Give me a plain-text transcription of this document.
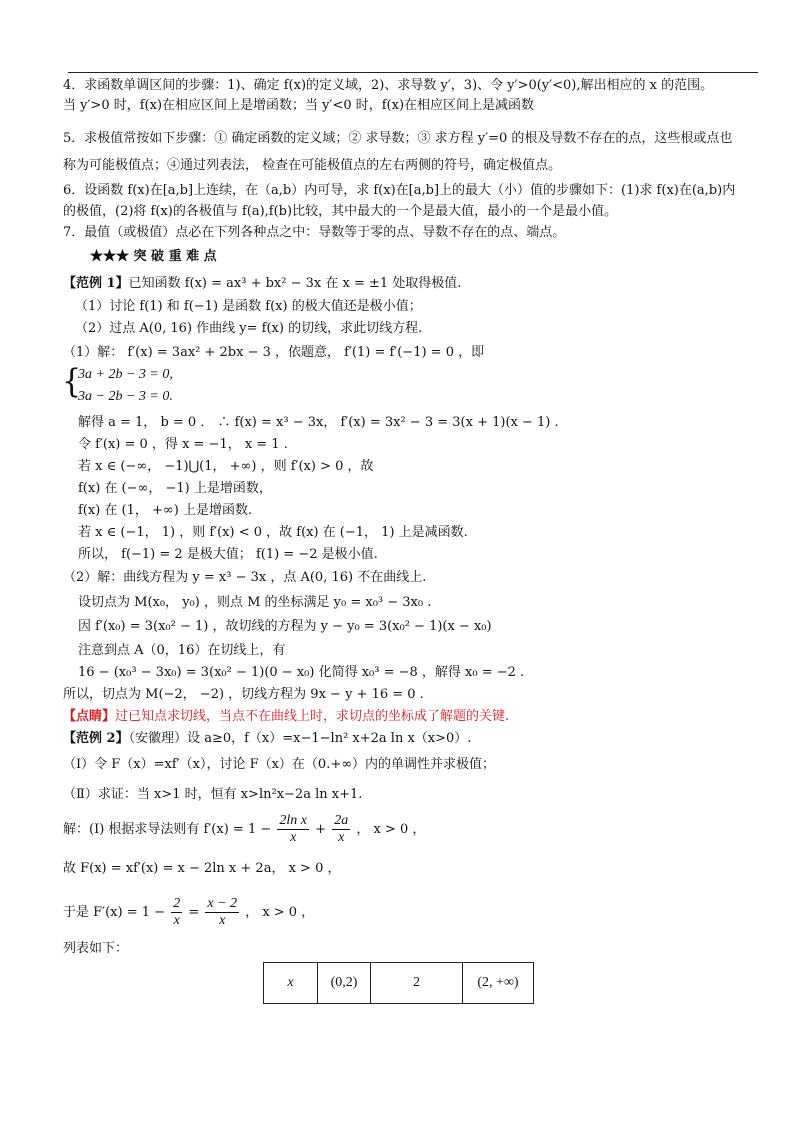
4．求函数单调区间的步骤：1)、确定 f(x)的定义域，2)、求导数 y′，3)、令 y′>0(y′<0),解出相应的 x 的范围。
当 y′>0 时，f(x)在相应区间上是增函数；当 y′<0 时，f(x)在相应区间上是减函数
5．求极值常按如下步骤：① 确定函数的定义域；② 求导数；③ 求方程 y′=0 的根及导数不存在的点，这些根或点也
称为可能极值点；④通过列表法， 检查在可能极值点的左右两侧的符号，确定极值点。
6．设函数 f(x)在[a,b]上连续，在（a,b）内可导，求 f(x)在[a,b]上的最大（小）值的步骤如下：(1)求 f(x)在(a,b)内
的极值，(2)将 f(x)的各极值与 f(a),f(b)比较，其中最大的一个是最大值，最小的一个是最小值。
7．最值（或极值）点必在下列各种点之中：导数等于零的点、导数不存在的点、端点。
★★★ 突 破 重 难 点
【范例 1】已知函数 f(x) = ax³ + bx² − 3x 在 x = ±1 处取得极值.
（1）讨论 f(1) 和 f(−1) 是函数 f(x) 的极大值还是极小值；
（2）过点 A(0, 16) 作曲线 y= f(x) 的切线，求此切线方程.
（1）解： f′(x) = 3ax² + 2bx − 3 ，依题意， f′(1) = f′(−1) = 0 ，即
{
3a + 2b − 3 = 0,
3a − 2b − 3 = 0.
解得 a = 1， b = 0 ． ∴ f(x) = x³ − 3x， f′(x) = 3x² − 3 = 3(x + 1)(x − 1) .
令 f′(x) = 0 ，得 x = −1， x = 1 .
若 x ∈ (−∞， −1)⋃(1， +∞) ，则 f′(x) > 0 ，故
f(x) 在 (−∞， −1) 上是增函数，
f(x) 在 (1， +∞) 上是增函数.
若 x ∈ (−1， 1) ，则 f′(x) < 0 ，故 f(x) 在 (−1， 1) 上是减函数.
所以， f(−1) = 2 是极大值； f(1) = −2 是极小值.
（2）解：曲线方程为 y = x³ − 3x ，点 A(0, 16) 不在曲线上.
设切点为 M(x₀， y₀) ，则点 M 的坐标满足 y₀ = x₀³ − 3x₀ .
因 f′(x₀) = 3(x₀² − 1) ，故切线的方程为 y − y₀ = 3(x₀² − 1)(x − x₀)
注意到点 A（0，16）在切线上，有
16 − (x₀³ − 3x₀) = 3(x₀² − 1)(0 − x₀) 化简得 x₀³ = −8 ，解得 x₀ = −2 .
所以，切点为 M(−2， −2) ，切线方程为 9x − y + 16 = 0 .
【点睛】过已知点求切线，当点不在曲线上时，求切点的坐标成了解题的关键.
【范例 2】（安徽理）设 a≥0，f（x）=x−1−ln² x+2a ln x（x>0）.
（Ⅰ）令 F（x）=xf′（x），讨论 F（x）在（0.+∞）内的单调性并求极值；
（Ⅱ）求证：当 x>1 时，恒有 x>ln²x−2a ln x+1.
解：(Ⅰ) 根据求导法则有 $f'(x) = 1 - \frac{\text{2ln x}}{x} + \frac{2a}{x}$ ， x > 0 ，
故 F(x) = xf′(x) = x − 2ln x + 2a， x > 0 ，
于是 $F'(x) = 1 - \frac{2}{x} = \frac{x - 2}{x}$ ， x > 0 ，
列表如下：
x	(0,2)	2	(2, +∞)
